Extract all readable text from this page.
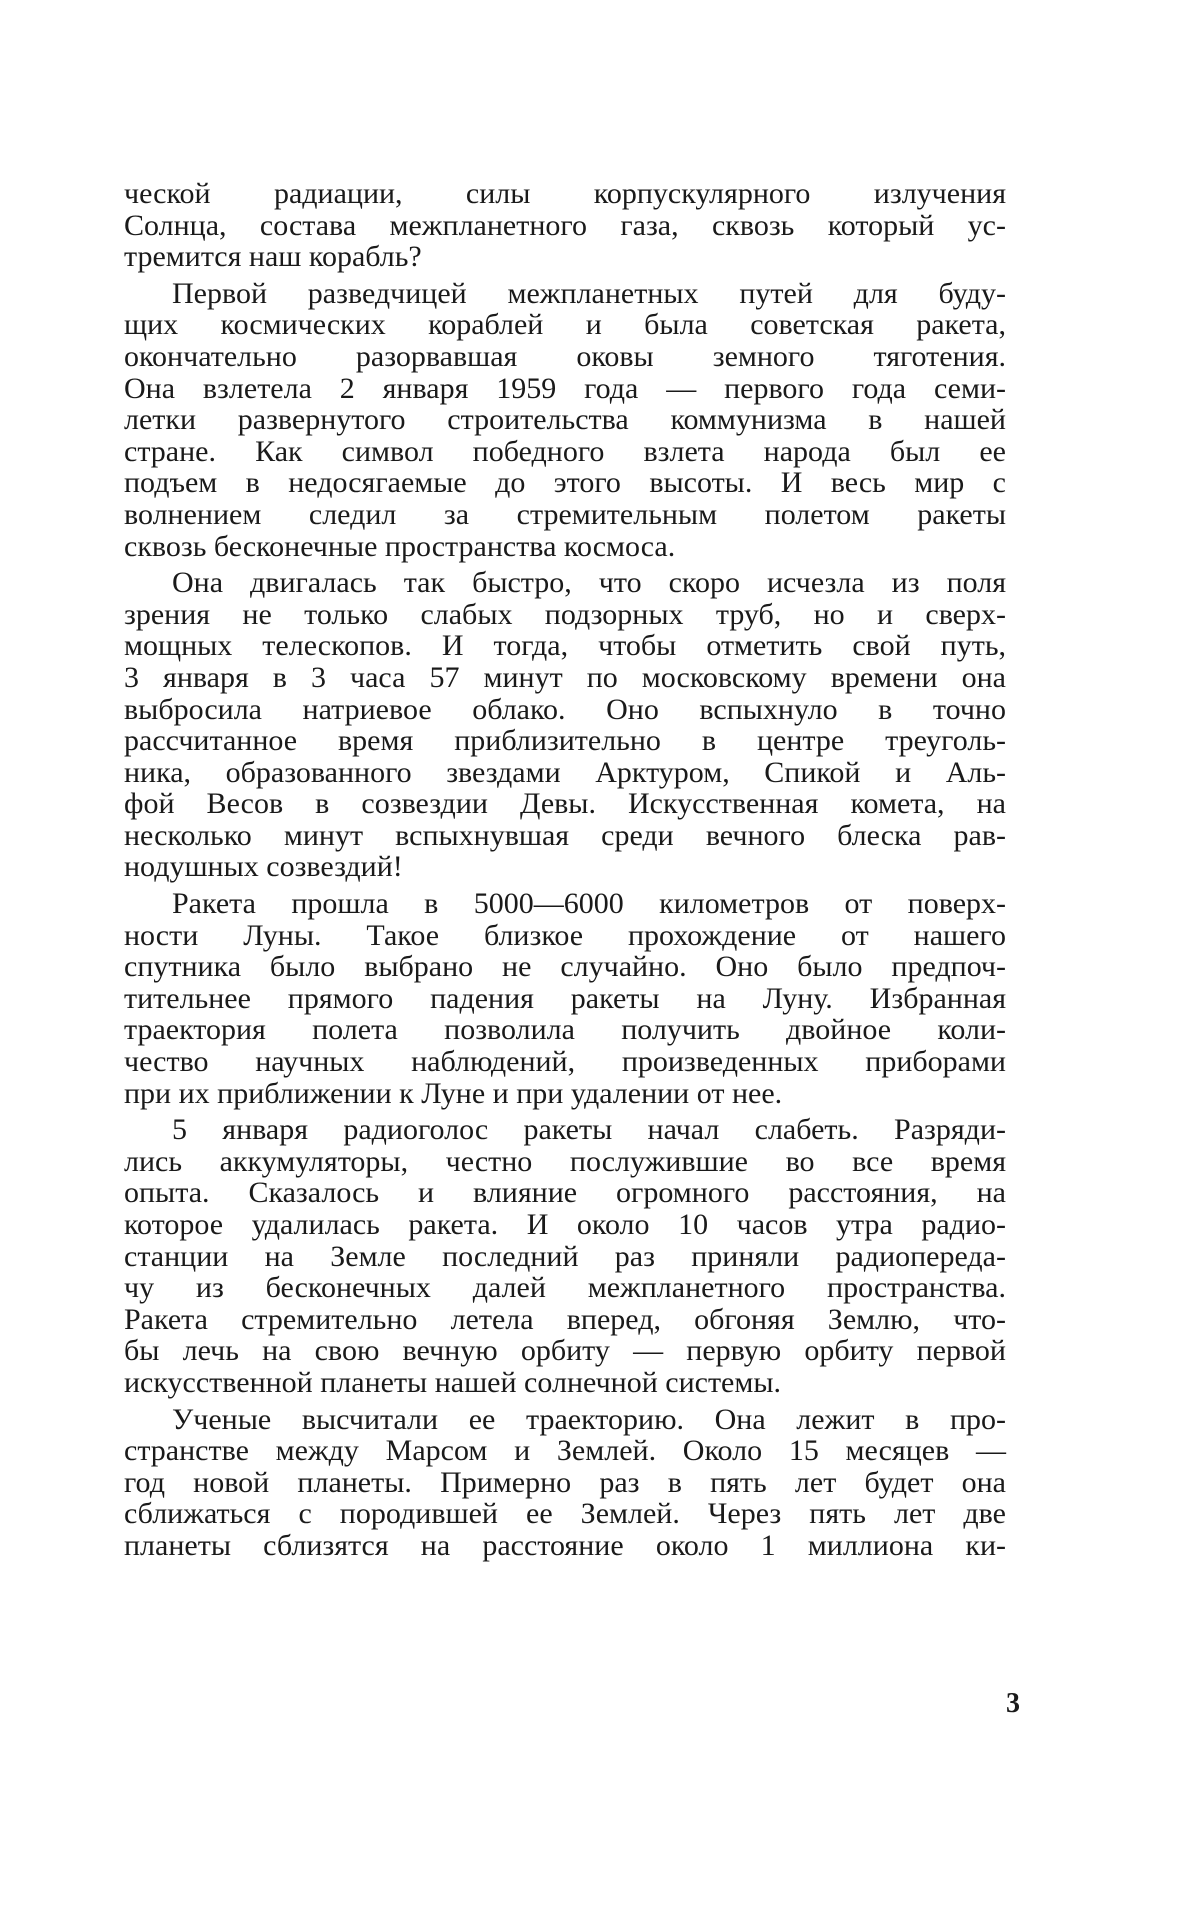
ческой радиации, силы корпускулярного излучения
Солнца, состава межпланетного газа, сквозь который ус-
тремится наш корабль?
Первой разведчицей межпланетных путей для буду-
щих космических кораблей и была советская ракета,
окончательно разорвавшая оковы земного тяготения.
Она взлетела 2 января 1959 года — первого года семи-
летки развернутого строительства коммунизма в нашей
стране. Как символ победного взлета народа был ее
подъем в недосягаемые до этого высоты. И весь мир с
волнением следил за стремительным полетом ракеты
сквозь бесконечные пространства космоса.
Она двигалась так быстро, что скоро исчезла из поля
зрения не только слабых подзорных труб, но и сверх-
мощных телескопов. И тогда, чтобы отметить свой путь,
3 января в 3 часа 57 минут по московскому времени она
выбросила натриевое облако. Оно вспыхнуло в точно
рассчитанное время приблизительно в центре треуголь-
ника, образованного звездами Арктуром, Спикой и Аль-
фой Весов в созвездии Девы. Искусственная комета, на
несколько минут вспыхнувшая среди вечного блеска рав-
нодушных созвездий!
Ракета прошла в 5000—6000 километров от поверх-
ности Луны. Такое близкое прохождение от нашего
спутника было выбрано не случайно. Оно было предпоч-
тительнее прямого падения ракеты на Луну. Избранная
траектория полета позволила получить двойное коли-
чество научных наблюдений, произведенных приборами
при их приближении к Луне и при удалении от нее.
5 января радиоголос ракеты начал слабеть. Разряди-
лись аккумуляторы, честно послужившие во все время
опыта. Сказалось и влияние огромного расстояния, на
которое удалилась ракета. И около 10 часов утра радио-
станции на Земле последний раз приняли радиопереда-
чу из бесконечных далей межпланетного пространства.
Ракета стремительно летела вперед, обгоняя Землю, что-
бы лечь на свою вечную орбиту — первую орбиту первой
искусственной планеты нашей солнечной системы.
Ученые высчитали ее траекторию. Она лежит в про-
странстве между Марсом и Землей. Около 15 месяцев —
год новой планеты. Примерно раз в пять лет будет она
сближаться с породившей ее Землей. Через пять лет две
планеты сблизятся на расстояние около 1 миллиона ки-
3
